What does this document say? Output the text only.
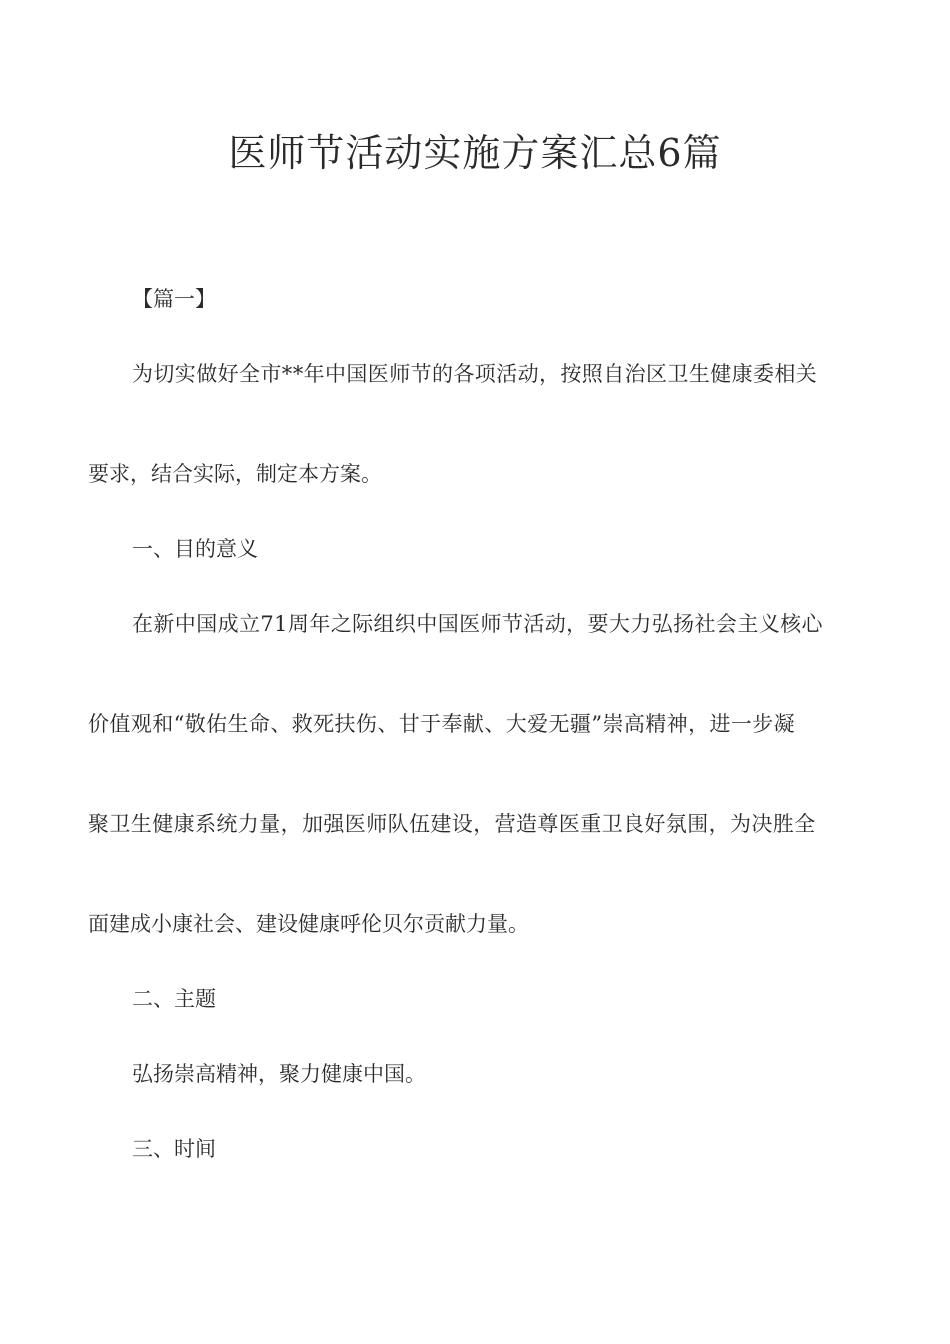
医师节活动实施方案汇总6篇
【篇一】
为切实做好全市**年中国医师节的各项活动，按照自治区卫生健康委相关
要求，结合实际，制定本方案。
一、目的意义
在新中国成立71周年之际组织中国医师节活动，要大力弘扬社会主义核心
价值观和“敬佑生命、救死扶伤、甘于奉献、大爱无疆”崇高精神，进一步凝
聚卫生健康系统力量，加强医师队伍建设，营造尊医重卫良好氛围，为决胜全
面建成小康社会、建设健康呼伦贝尔贡献力量。
二、主题
弘扬崇高精神，聚力健康中国。
三、时间
